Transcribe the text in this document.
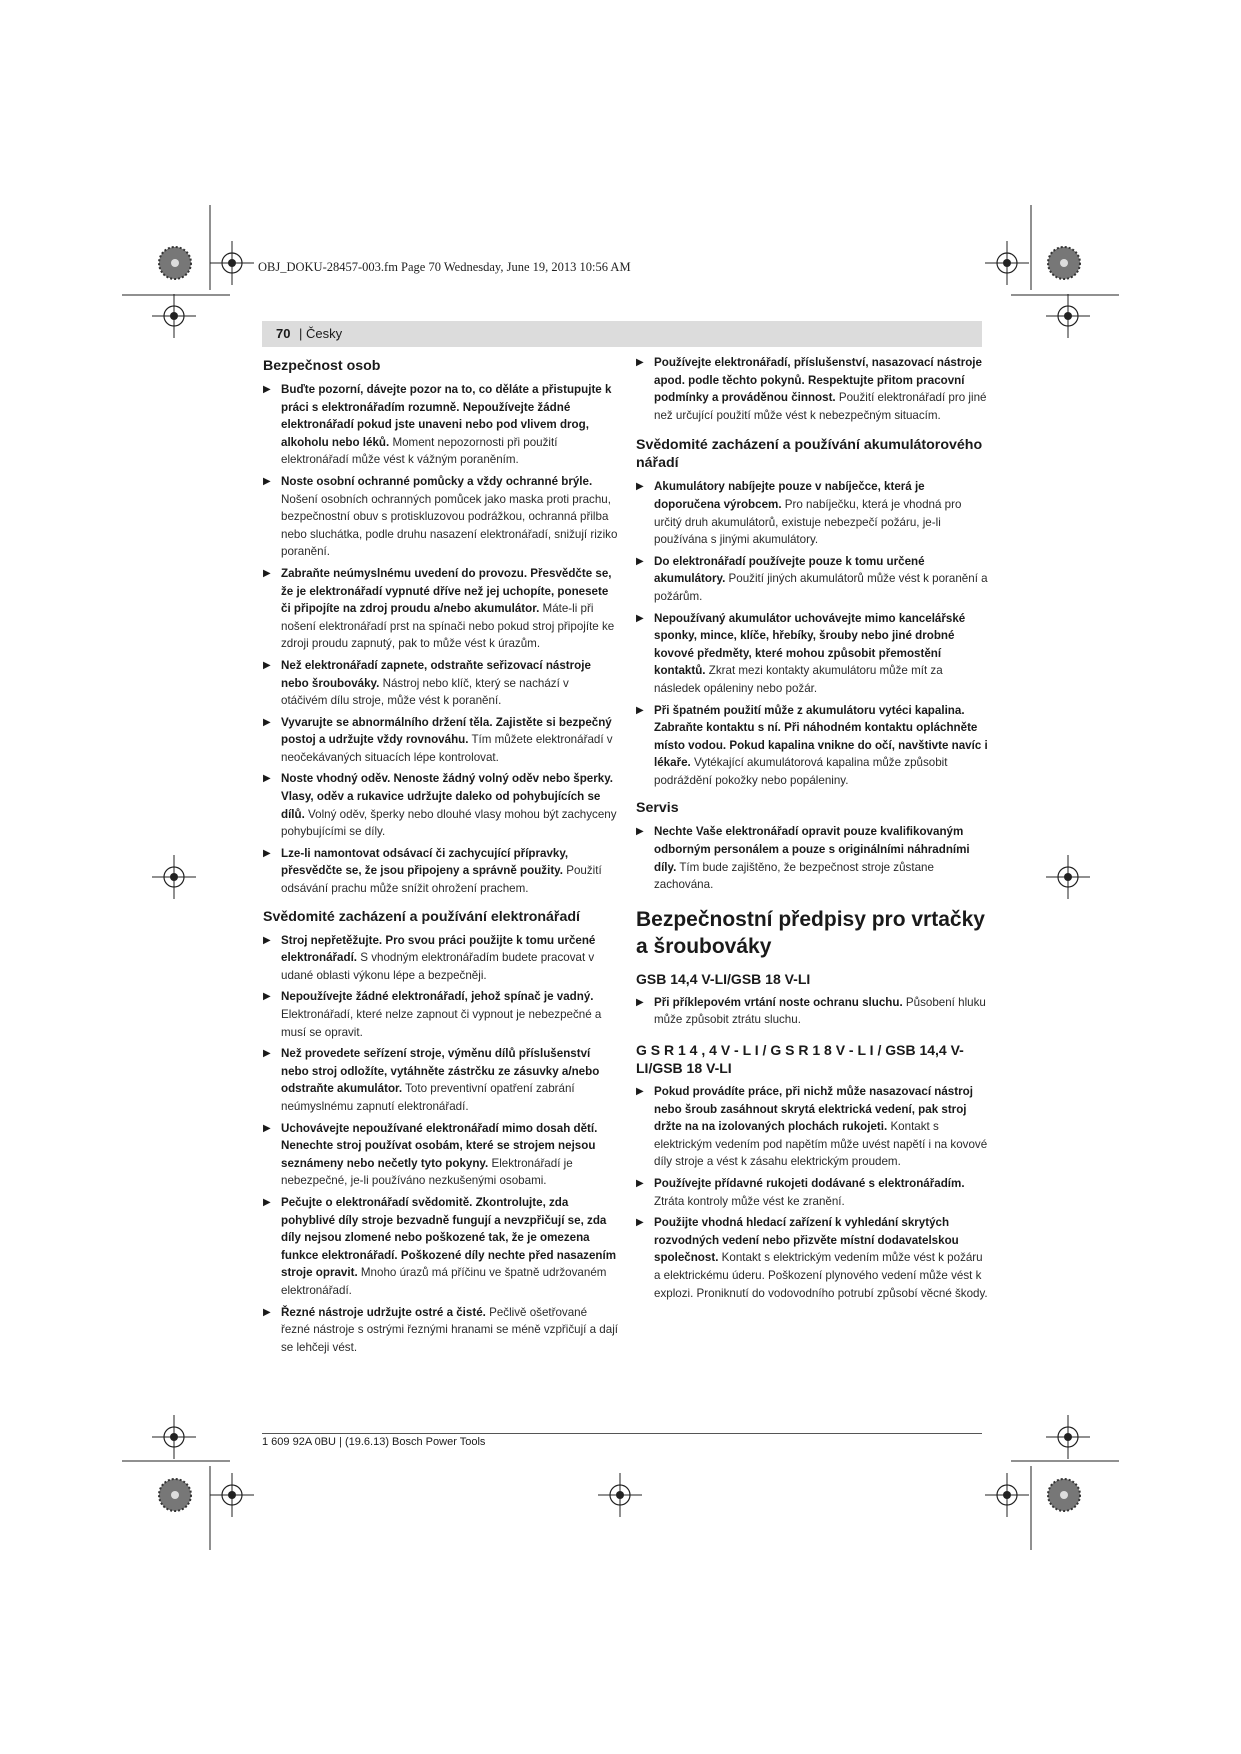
OBJ_DOKU-28457-003.fm Page 70 Wednesday, June 19, 2013 10:56 AM
70 | Česky
Bezpečnost osob
▶ Buďte pozorní, dávejte pozor na to, co děláte a přistupujte k práci s elektronářadím rozumně. Nepoužívejte žádné elektronářadí pokud jste unaveni nebo pod vlivem drog, alkoholu nebo léků. Moment nepozornosti při použití elektronářadí může vést k vážným poraněním.
▶ Noste osobní ochranné pomůcky a vždy ochranné brýle. Nošení osobních ochranných pomůcek jako maska proti prachu, bezpečnostní obuv s protiskluzovou podrážkou, ochranná přilba nebo sluchátka, podle druhu nasazení elektronářadí, snižují riziko poranění.
▶ Zabraňte neúmyslnému uvedení do provozu. Přesvědčte se, že je elektronářadí vypnuté dříve než jej uchopíte, ponesete či připojíte na zdroj proudu a/nebo akumulátor. Máte-li při nošení elektronářadí prst na spínači nebo pokud stroj připojíte ke zdroji proudu zapnutý, pak to může vést k úrazům.
▶ Než elektronářadí zapnete, odstraňte seřizovací nástroje nebo šroubováky. Nástroj nebo klíč, který se nachází v otáčivém dílu stroje, může vést k poranění.
▶ Vyvarujte se abnormálního držení těla. Zajistěte si bezpečný postoj a udržujte vždy rovnováhu. Tím můžete elektronářadí v neočekávaných situacích lépe kontrolovat.
▶ Noste vhodný oděv. Nenoste žádný volný oděv nebo šperky. Vlasy, oděv a rukavice udržujte daleko od pohybujících se dílů. Volný oděv, šperky nebo dlouhé vlasy mohou být zachyceny pohybujícími se díly.
▶ Lze-li namontovat odsávací či zachycující přípravky, přesvědčte se, že jsou připojeny a správně použity. Použití odsávání prachu může snížit ohrožení prachem.
Svědomité zacházení a používání elektronářadí
▶ Stroj nepřetěžujte. Pro svou práci použijte k tomu určené elektronářadí. S vhodným elektronářadím budete pracovat v udané oblasti výkonu lépe a bezpečněji.
▶ Nepoužívejte žádné elektronářadí, jehož spínač je vadný. Elektronářadí, které nelze zapnout či vypnout je nebezpečné a musí se opravit.
▶ Než provedete seřízení stroje, výměnu dílů příslušenství nebo stroj odložíte, vytáhněte zástrčku ze zásuvky a/nebo odstraňte akumulátor. Toto preventivní opatření zabrání neúmyslnému zapnutí elektronářadí.
▶ Uchovávejte nepoužívané elektronářadí mimo dosah dětí. Nenechte stroj používat osobám, které se strojem nejsou seznámeny nebo nečetly tyto pokyny. Elektronářadí je nebezpečné, je-li používáno nezkušenými osobami.
▶ Pečujte o elektronářadí svědomitě. Zkontrolujte, zda pohyblivé díly stroje bezvadně fungují a nevzpřičují se, zda díly nejsou zlomené nebo poškozené tak, že je omezena funkce elektronářadí. Poškozené díly nechte před nasazením stroje opravit. Mnoho úrazů má příčinu ve špatně udržovaném elektronářadí.
▶ Řezné nástroje udržujte ostré a čisté. Pečlivě ošetřované řezné nástroje s ostrými řeznými hranami se méně vzpřičují a dají se lehčeji vést.
▶ Používejte elektronářadí, příslušenství, nasazovací nástroje apod. podle těchto pokynů. Respektujte přitom pracovní podmínky a prováděnou činnost. Použití elektronářadí pro jiné než určující použití může vést k nebezpečným situacím.
Svědomité zacházení a používání akumulátorového nářadí
▶ Akumulátory nabíjejte pouze v nabíječce, která je doporučena výrobcem. Pro nabíječku, která je vhodná pro určitý druh akumulátorů, existuje nebezpečí požáru, je-li používána s jinými akumulátory.
▶ Do elektronářadí používejte pouze k tomu určené akumulátory. Použití jiných akumulátorů může vést k poranění a požárům.
▶ Nepoužívaný akumulátor uchovávejte mimo kancelářské sponky, mince, klíče, hřebíky, šrouby nebo jiné drobné kovové předměty, které mohou způsobit přemostění kontaktů. Zkrat mezi kontakty akumulátoru může mít za následek opáleniny nebo požár.
▶ Při špatném použití může z akumulátoru vytéci kapalina. Zabraňte kontaktu s ní. Při náhodném kontaktu opláchněte místo vodou. Pokud kapalina vnikne do očí, navštivte navíc i lékaře. Vytékající akumulátorová kapalina může způsobit podráždění pokožky nebo popáleniny.
Servis
▶ Nechte Vaše elektronářadí opravit pouze kvalifikovaným odborným personálem a pouze s originálními náhradními díly. Tím bude zajištěno, že bezpečnost stroje zůstane zachována.
Bezpečnostní předpisy pro vrtačky a šroubováky
GSB 14,4 V-LI/GSB 18 V-LI
▶ Při příklepovém vrtání noste ochranu sluchu. Působení hluku může způsobit ztrátu sluchu.
G S R 1 4 , 4 V - L I / G S R 1 8 V - L I / GSB 14,4 V-LI/GSB 18 V-LI
▶ Pokud provádíte práce, při nichž může nasazovací nástroj nebo šroub zasáhnout skrytá elektrická vedení, pak stroj držte na na izolovaných plochách rukojeti. Kontakt s elektrickým vedením pod napětím může uvést napětí i na kovové díly stroje a vést k zásahu elektrickým proudem.
▶ Používejte přídavné rukojeti dodávané s elektronářadím. Ztráta kontroly může vést ke zranění.
▶ Použijte vhodná hledací zařízení k vyhledání skrytých rozvodných vedení nebo přizvěte místní dodavatelskou společnost. Kontakt s elektrickým vedením může vést k požáru a elektrickému úderu. Poškození plynového vedení může vést k explozi. Proniknutí do vodovodního potrubí způsobí věcné škody.
1 609 92A 0BU | (19.6.13) Bosch Power Tools
